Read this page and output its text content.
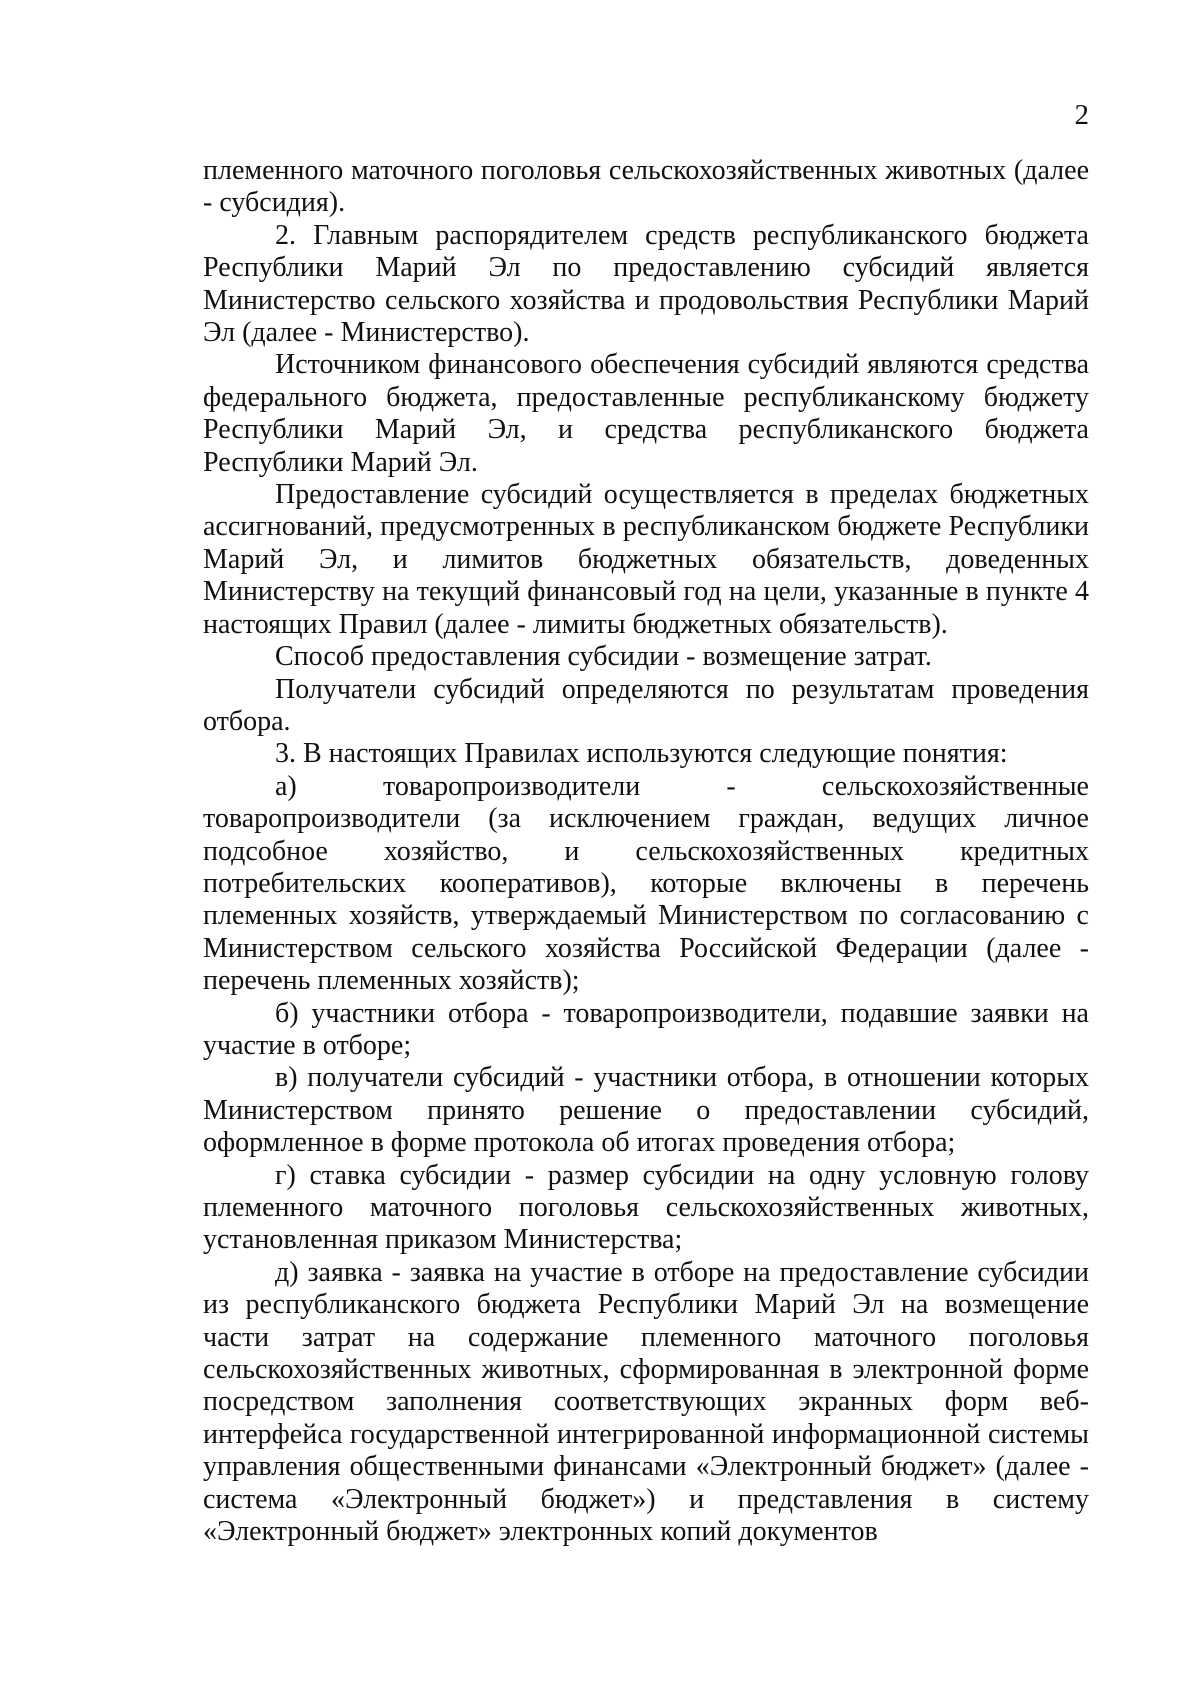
2

племенного маточного поголовья сельскохозяйственных животных (далее - субсидия).

2. Главным распорядителем средств республиканского бюджета Республики Марий Эл по предоставлению субсидий является Министерство сельского хозяйства и продовольствия Республики Марий Эл (далее - Министерство).

Источником финансового обеспечения субсидий являются средства федерального бюджета, предоставленные республиканскому бюджету Республики Марий Эл, и средства республиканского бюджета Республики Марий Эл.

Предоставление субсидий осуществляется в пределах бюджетных ассигнований, предусмотренных в республиканском бюджете Республики Марий Эл, и лимитов бюджетных обязательств, доведенных Министерству на текущий финансовый год на цели, указанные в пункте 4 настоящих Правил (далее - лимиты бюджетных обязательств).

Способ предоставления субсидии - возмещение затрат.

Получатели субсидий определяются по результатам проведения отбора.

3. В настоящих Правилах используются следующие понятия:

а) товаропроизводители - сельскохозяйственные товаропроизводители (за исключением граждан, ведущих личное подсобное хозяйство, и сельскохозяйственных кредитных потребительских кооперативов), которые включены в перечень племенных хозяйств, утверждаемый Министерством по согласованию с Министерством сельского хозяйства Российской Федерации (далее - перечень племенных хозяйств);

б) участники отбора - товаропроизводители, подавшие заявки на участие в отборе;

в) получатели субсидий - участники отбора, в отношении которых Министерством принято решение о предоставлении субсидий, оформленное в форме протокола об итогах проведения отбора;

г) ставка субсидии - размер субсидии на одну условную голову племенного маточного поголовья сельскохозяйственных животных, установленная приказом Министерства;

д) заявка - заявка на участие в отборе на предоставление субсидии из республиканского бюджета Республики Марий Эл на возмещение части затрат на содержание племенного маточного поголовья сельскохозяйственных животных, сформированная в электронной форме посредством заполнения соответствующих экранных форм веб-интерфейса государственной интегрированной информационной системы управления общественными финансами «Электронный бюджет» (далее - система «Электронный бюджет») и представления в систему «Электронный бюджет» электронных копий документов
